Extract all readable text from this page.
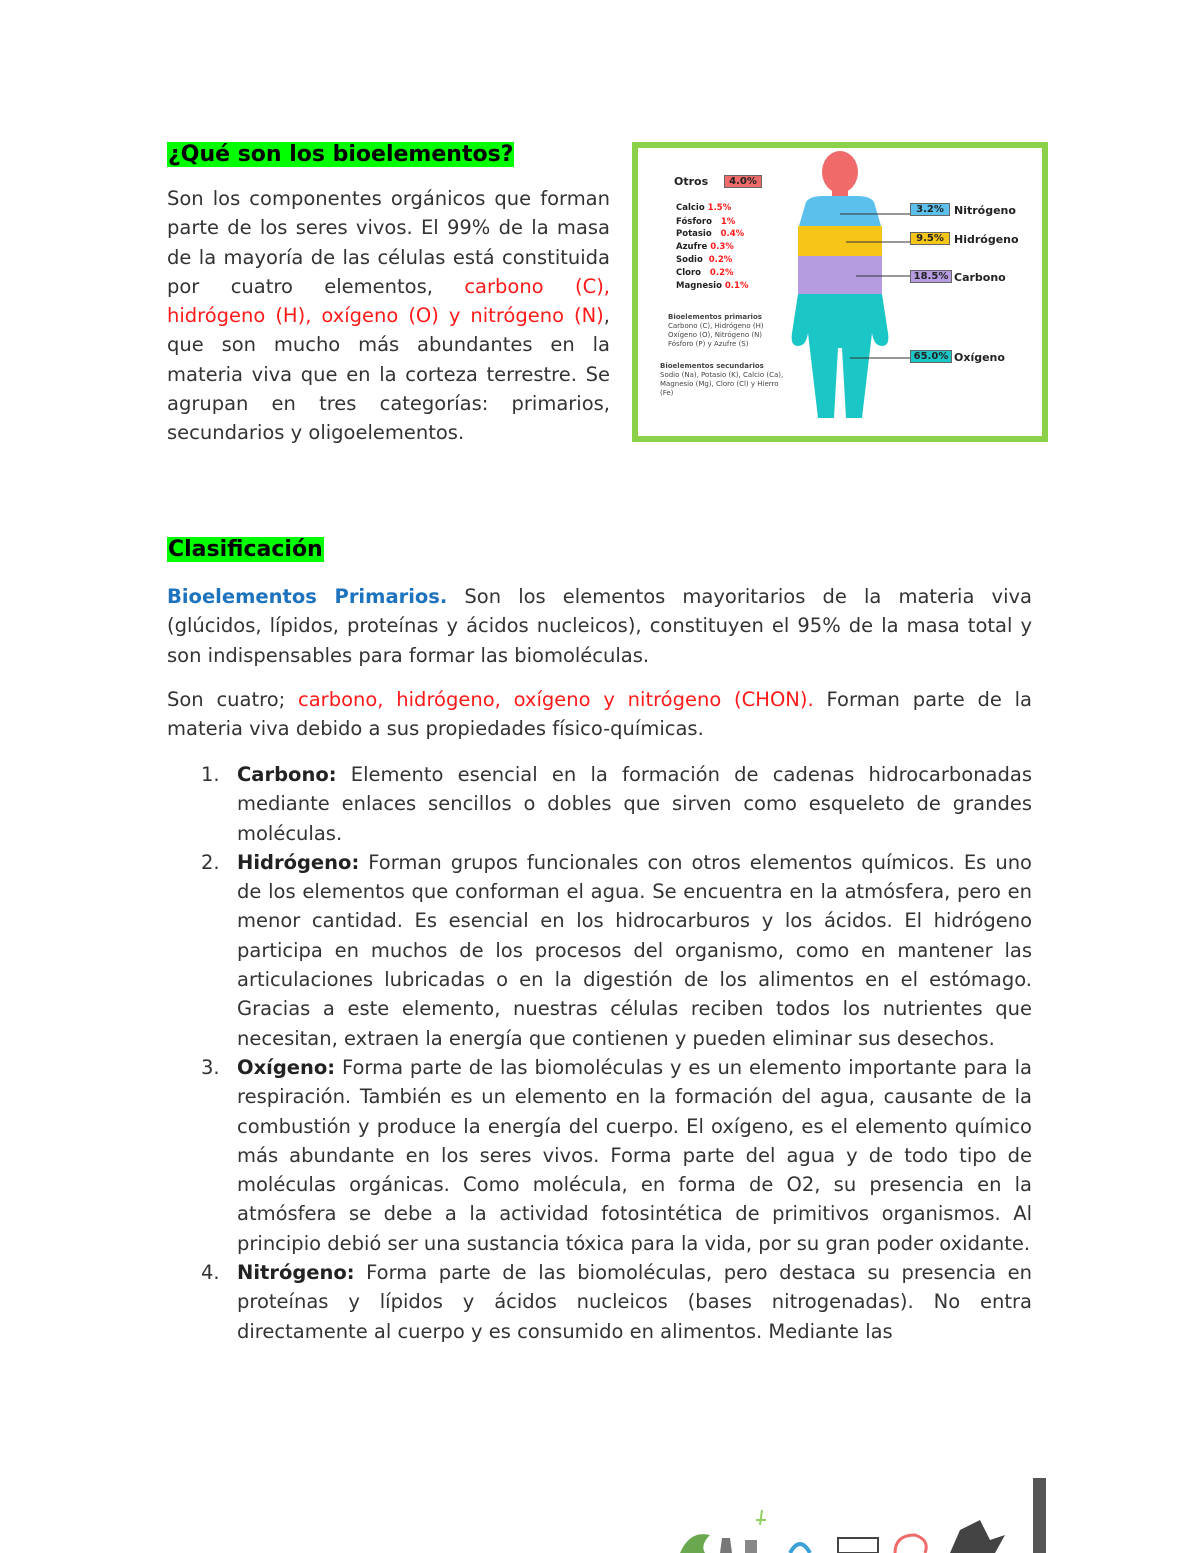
¿Qué son los bioelementos?
Son los componentes orgánicos que forman parte de los seres vivos. El 99% de la masa de la mayoría de las células está constituida por cuatro elementos, carbono (C), hidrógeno (H), oxígeno (O) y nitrógeno (N), que son mucho más abundantes en la materia viva que en la corteza terrestre. Se agrupan en tres categorías: primarios, secundarios y oligoelementos.
Otros	4.0%
Calcio 1.5%
Fósforo 1%
Potasio 0.4%
Azufre 0.3%
Sodio 0.2%
Cloro 0.2%
Magnesio 0.1%
Bioelementos primarios
Carbono (C), Hidrógeno (H)
Oxígeno (O), Nitrógeno (N)
Fósforo (P) y Azufre (S)
Bioelementos secundarios
Sodio (Na), Potasio (K), Calcio (Ca),
Magnesio (Mg), Cloro (Cl) y Hierro
(Fe)
3.2% Nitrógeno
9.5% Hidrógeno
18.5% Carbono
65.0% Oxígeno
Clasificación
Bioelementos Primarios. Son los elementos mayoritarios de la materia viva (glúcidos, lípidos, proteínas y ácidos nucleicos), constituyen el 95% de la masa total y son indispensables para formar las biomoléculas.
Son cuatro; carbono, hidrógeno, oxígeno y nitrógeno (CHON). Forman parte de la materia viva debido a sus propiedades físico-químicas.
1. Carbono: Elemento esencial en la formación de cadenas hidrocarbonadas mediante enlaces sencillos o dobles que sirven como esqueleto de grandes moléculas.
2. Hidrógeno: Forman grupos funcionales con otros elementos químicos. Es uno de los elementos que conforman el agua. Se encuentra en la atmósfera, pero en menor cantidad. Es esencial en los hidrocarburos y los ácidos. El hidrógeno participa en muchos de los procesos del organismo, como en mantener las articulaciones lubricadas o en la digestión de los alimentos en el estómago. Gracias a este elemento, nuestras células reciben todos los nutrientes que necesitan, extraen la energía que contienen y pueden eliminar sus desechos.
3. Oxígeno: Forma parte de las biomoléculas y es un elemento importante para la respiración. También es un elemento en la formación del agua, causante de la combustión y produce la energía del cuerpo. El oxígeno, es el elemento químico más abundante en los seres vivos. Forma parte del agua y de todo tipo de moléculas orgánicas. Como molécula, en forma de O2, su presencia en la atmósfera se debe a la actividad fotosintética de primitivos organismos. Al principio debió ser una sustancia tóxica para la vida, por su gran poder oxidante.
4. Nitrógeno: Forma parte de las biomoléculas, pero destaca su presencia en proteínas y lípidos y ácidos nucleicos (bases nitrogenadas). No entra directamente al cuerpo y es consumido en alimentos. Mediante las
